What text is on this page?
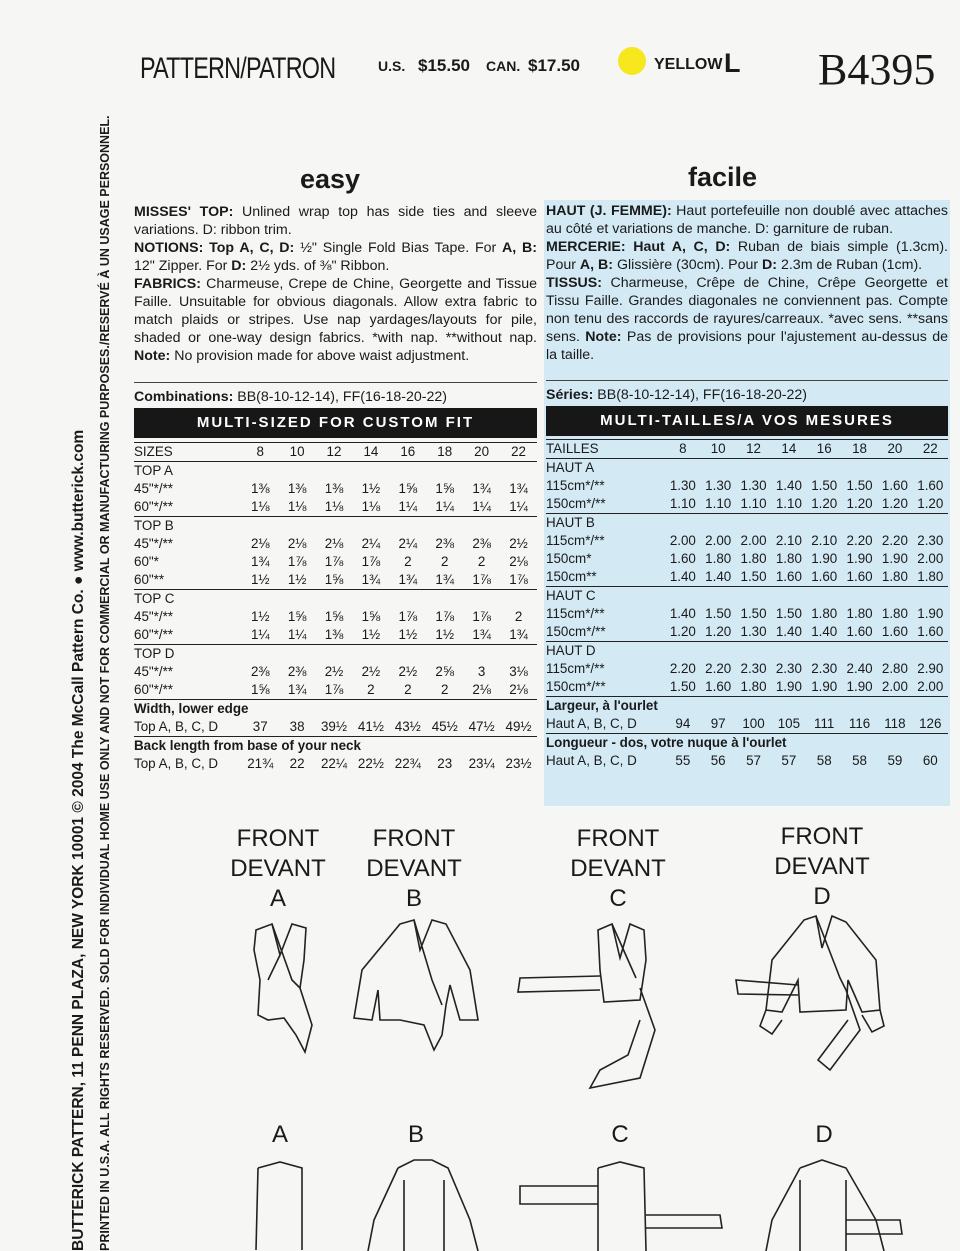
PATTERN/PATRON	U.S. $15.50 CAN. $17.50	YELLOW L B4395
BUTTERICK PATTERN, 11 PENN PLAZA, NEW YORK 10001 © 2004 The McCall Pattern Co. ● www.butterick.com PRINTED IN U.S.A. ALL RIGHTS RESERVED. SOLD FOR INDIVIDUAL HOME USE ONLY AND NOT FOR COMMERCIAL OR MANUFACTURING PURPOSES./RESERVÉ À UN USAGE PERSONNEL.	easy	facile
MISSES' TOP: Unlined wrap top has side ties and sleeve variations. D: ribbon trim.
NOTIONS: Top A, C, D: ½" Single Fold Bias Tape. For A, B: 12" Zipper. For D: 2½ yds. of ⅜" Ribbon.
FABRICS: Charmeuse, Crepe de Chine, Georgette and Tissue Faille. Unsuitable for obvious diagonals. Allow extra fabric to match plaids or stripes. Use nap yardages/layouts for pile, shaded or one-way design fabrics. *with nap. **without nap. Note: No provision made for above waist adjustment.
Combinations: BB(8-10-12-14), FF(16-18-20-22)
HAUT (J. FEMME): Haut portefeuille non doublé avec attaches au côté et variations de manche. D: garniture de ruban.
MERCERIE: Haut A, C, D: Ruban de biais simple (1.3cm). Pour A, B: Glissière (30cm). Pour D: 2.3m de Ruban (1cm).
TISSUS: Charmeuse, Crêpe de Chine, Crêpe Georgette et Tissu Faille. Grandes diagonales ne conviennent pas. Compte non tenu des raccords de rayures/carreaux. *avec sens. **sans sens. Note: Pas de provisions pour l'ajustement au-dessus de la taille.
Séries: BB(8-10-12-14), FF(16-18-20-22)
MULTI-SIZED FOR CUSTOM FIT	MULTI-TAILLES/A VOS MESURES
SIZES	8	10	12	14	16	18	20	22
TOP A								
45"*/**	1⅜	1⅜	1⅜	1½	1⅝	1⅝	1¾	1¾
60"*/**	1⅛	1⅛	1⅛	1⅛	1¼	1¼	1¼	1¼
TOP B								
45"*/**	2⅛	2⅛	2⅛	2¼	2¼	2⅜	2⅜	2½
60"*	1¾	1⅞	1⅞	1⅞	2	2	2	2⅛
60"**	1½	1½	1⅝	1¾	1¾	1¾	1⅞	1⅞
TOP C								
45"*/**	1½	1⅝	1⅝	1⅝	1⅞	1⅞	1⅞	2
60"*/**	1¼	1¼	1⅜	1½	1½	1½	1¾	1¾
TOP D								
45"*/**	2⅜	2⅜	2½	2½	2½	2⅝	3	3⅛
60"*/**	1⅝	1¾	1⅞	2	2	2	2⅛	2⅛
Width, lower edge								
Top A, B, C, D	37	38	39½	41½	43½	45½	47½	49½
Back length from base of your neck								
Top A, B, C, D	21¾	22	22¼	22½	22¾	23	23¼	23½
TAILLES	8	10	12	14	16	18	20	22
HAUT A								
115cm*/**	1.30	1.30	1.30	1.40	1.50	1.50	1.60	1.60
150cm*/**	1.10	1.10	1.10	1.10	1.20	1.20	1.20	1.20
HAUT B								
115cm*/**	2.00	2.00	2.00	2.10	2.10	2.20	2.20	2.30
150cm*	1.60	1.80	1.80	1.80	1.90	1.90	1.90	2.00
150cm**	1.40	1.40	1.50	1.60	1.60	1.60	1.80	1.80
HAUT C								
115cm*/**	1.40	1.50	1.50	1.50	1.80	1.80	1.80	1.90
150cm*/**	1.20	1.20	1.30	1.40	1.40	1.60	1.60	1.60
HAUT D								
115cm*/**	2.20	2.20	2.30	2.30	2.30	2.40	2.80	2.90
150cm*/**	1.50	1.60	1.80	1.90	1.90	1.90	2.00	2.00
Largeur, à l'ourlet								
Haut A, B, C, D	94	97	100	105	111	116	118	126
Longueur - dos, votre nuque à l'ourlet								
Haut A, B, C, D	55	56	57	57	58	58	59	60
FRONT
DEVANT
A
FRONT
DEVANT
B
FRONT
DEVANT
C
FRONT
DEVANT
D
A	B	C	D
